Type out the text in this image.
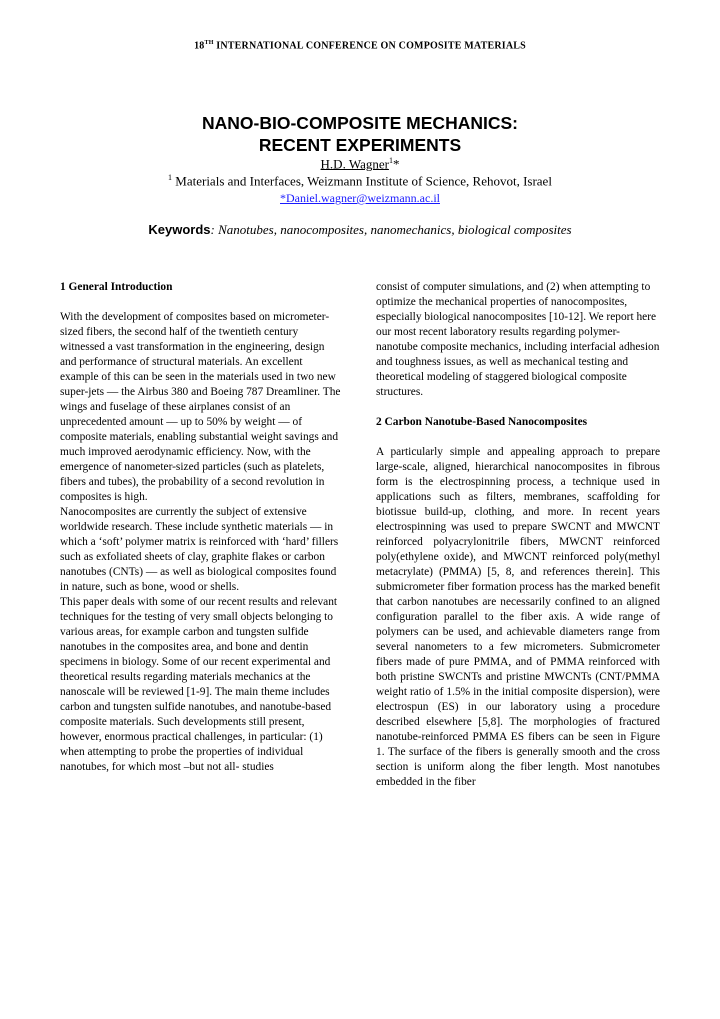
18TH INTERNATIONAL CONFERENCE ON COMPOSITE MATERIALS
NANO-BIO-COMPOSITE MECHANICS:
RECENT EXPERIMENTS
H.D. Wagner$^1$*
$^1$ Materials and Interfaces, Weizmann Institute of Science, Rehovot, Israel
*Daniel.wagner@weizmann.ac.il
Keywords: Nanotubes, nanocomposites, nanomechanics, biological composites
1 General Introduction

With the development of composites based on micrometer-sized fibers, the second half of the twentieth century witnessed a vast transformation in the engineering, design and performance of structural materials. An excellent example of this can be seen in the materials used in two new super-jets — the Airbus 380 and Boeing 787 Dreamliner. The wings and fuselage of these airplanes consist of an unprecedented amount — up to 50% by weight — of composite materials, enabling substantial weight savings and much improved aerodynamic efficiency. Now, with the emergence of nanometer-sized particles (such as platelets, fibers and tubes), the probability of a second revolution in composites is high.

Nanocomposites are currently the subject of extensive worldwide research. These include synthetic materials — in which a ‘soft’ polymer matrix is reinforced with ‘hard’ fillers such as exfoliated sheets of clay, graphite flakes or carbon nanotubes (CNTs) — as well as biological composites found in nature, such as bone, wood or shells.

This paper deals with some of our recent results and relevant techniques for the testing of very small objects belonging to various areas, for example carbon and tungsten sulfide nanotubes in the composites area, and bone and dentin specimens in biology. Some of our recent experimental and theoretical results regarding materials mechanics at the nanoscale will be reviewed [1-9]. The main theme includes carbon and tungsten sulfide nanotubes, and nanotube-based composite materials. Such developments still present, however, enormous practical challenges, in particular: (1) when attempting to probe the properties of individual nanotubes, for which most –but not all- studies

consist of computer simulations, and (2) when attempting to optimize the mechanical properties of nanocomposites, especially biological nanocomposites [10-12]. We report here our most recent laboratory results regarding polymer-nanotube composite mechanics, including interfacial adhesion and toughness issues, as well as mechanical testing and theoretical modeling of staggered biological composite structures.

2 Carbon Nanotube-Based Nanocomposites

A particularly simple and appealing approach to prepare large-scale, aligned, hierarchical nanocomposites in fibrous form is the electrospinning process, a technique used in applications such as filters, membranes, scaffolding for biotissue build-up, clothing, and more. In recent years electrospinning was used to prepare SWCNT and MWCNT reinforced polyacrylonitrile fibers, MWCNT reinforced poly(ethylene oxide), and MWCNT reinforced poly(methyl metacrylate) (PMMA) [5, 8, and references therein]. This submicrometer fiber formation process has the marked benefit that carbon nanotubes are necessarily confined to an aligned configuration parallel to the fiber axis. A wide range of polymers can be used, and achievable diameters range from several nanometers to a few micrometers. Submicrometer fibers made of pure PMMA, and of PMMA reinforced with both pristine SWCNTs and pristine MWCNTs (CNT/PMMA weight ratio of 1.5% in the initial composite dispersion), were electrospun (ES) in our laboratory using a procedure described elsewhere [5,8]. The morphologies of fractured nanotube-reinforced PMMA ES fibers can be seen in Figure 1. The surface of the fibers is generally smooth and the cross section is uniform along the fiber length. Most nanotubes embedded in the fiber
